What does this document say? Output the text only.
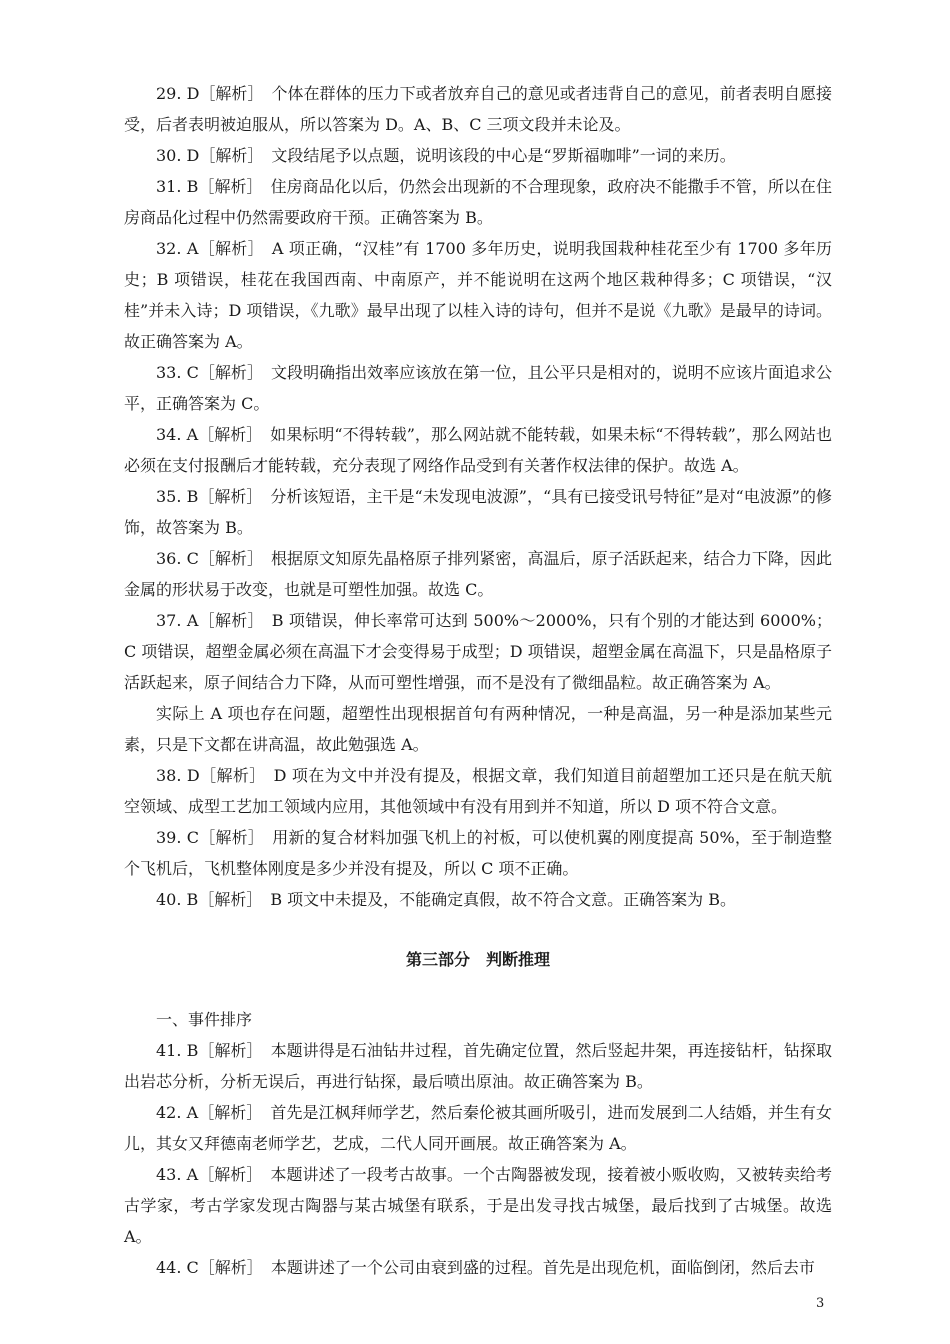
29. D［解析］  个体在群体的压力下或者放弃自己的意见或者违背自己的意见，前者表明自愿接受，后者表明被迫服从，所以答案为 D。A、B、C 三项文段并未论及。

30. D［解析］  文段结尾予以点题，说明该段的中心是“罗斯福咖啡”一词的来历。

31. B［解析］  住房商品化以后，仍然会出现新的不合理现象，政府决不能撒手不管，所以在住房商品化过程中仍然需要政府干预。正确答案为 B。

32. A［解析］  A 项正确，“汉桂”有 1700 多年历史，说明我国栽种桂花至少有 1700 多年历史；B 项错误，桂花在我国西南、中南原产，并不能说明在这两个地区栽种得多；C 项错误，“汉桂”并未入诗；D 项错误，《九歌》最早出现了以桂入诗的诗句，但并不是说《九歌》是最早的诗词。故正确答案为 A。

33. C［解析］  文段明确指出效率应该放在第一位，且公平只是相对的，说明不应该片面追求公平，正确答案为 C。

34. A［解析］  如果标明“不得转载”，那么网站就不能转载，如果未标“不得转载”，那么网站也必须在支付报酬后才能转载，充分表现了网络作品受到有关著作权法律的保护。故选 A。

35. B［解析］  分析该短语，主干是“未发现电波源”，“具有已接受讯号特征”是对“电波源”的修饰，故答案为 B。

36. C［解析］  根据原文知原先晶格原子排列紧密，高温后，原子活跃起来，结合力下降，因此金属的形状易于改变，也就是可塑性加强。故选 C。

37. A［解析］  B 项错误，伸长率常可达到 500%～2000%，只有个别的才能达到 6000%；C 项错误，超塑金属必须在高温下才会变得易于成型；D 项错误，超塑金属在高温下，只是晶格原子活跃起来，原子间结合力下降，从而可塑性增强，而不是没有了微细晶粒。故正确答案为 A。

实际上 A 项也存在问题，超塑性出现根据首句有两种情况，一种是高温，另一种是添加某些元素，只是下文都在讲高温，故此勉强选 A。

38. D［解析］  D 项在为文中并没有提及，根据文章，我们知道目前超塑加工还只是在航天航空领域、成型工艺加工领域内应用，其他领域中有没有用到并不知道，所以 D 项不符合文意。

39. C［解析］  用新的复合材料加强飞机上的衬板，可以使机翼的刚度提高 50%，至于制造整个飞机后，飞机整体刚度是多少并没有提及，所以 C 项不正确。

40. B［解析］  B 项文中未提及，不能确定真假，故不符合文意。正确答案为 B。

第三部分　判断推理

一、事件排序

41. B［解析］  本题讲得是石油钻井过程，首先确定位置，然后竖起井架，再连接钻杆，钻探取出岩芯分析，分析无误后，再进行钻探，最后喷出原油。故正确答案为 B。

42. A［解析］  首先是江枫拜师学艺，然后秦伦被其画所吸引，进而发展到二人结婚，并生有女儿，其女又拜德南老师学艺，艺成，二代人同开画展。故正确答案为 A。

43. A［解析］  本题讲述了一段考古故事。一个古陶器被发现，接着被小贩收购，又被转卖给考古学家，考古学家发现古陶器与某古城堡有联系，于是出发寻找古城堡，最后找到了古城堡。故选 A。

44. C［解析］  本题讲述了一个公司由衰到盛的过程。首先是出现危机，面临倒闭，然后去市

3
